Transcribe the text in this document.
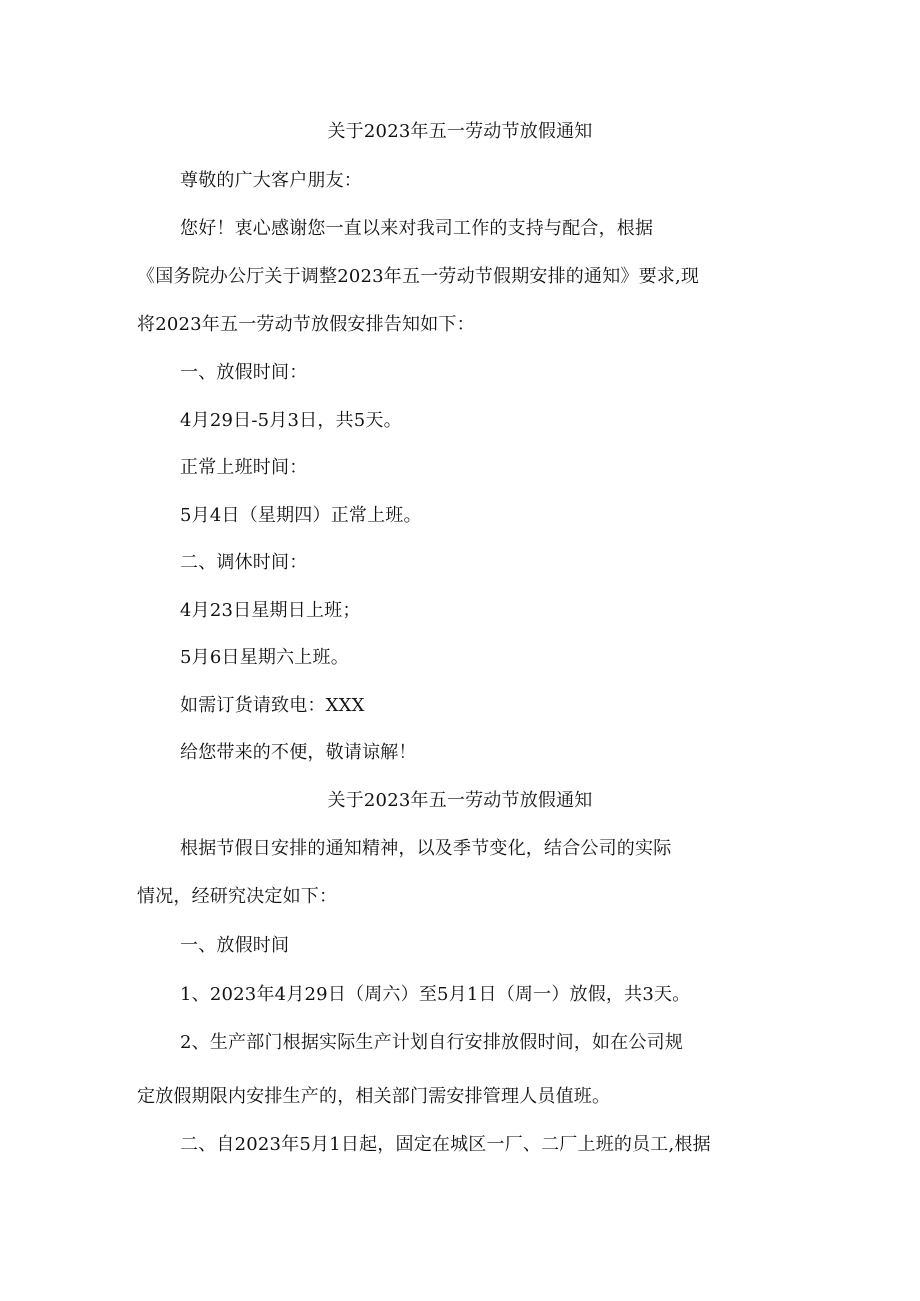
关于2023年五一劳动节放假通知
尊敬的广大客户朋友：
您好！衷心感谢您一直以来对我司工作的支持与配合，根据
《国务院办公厅关于调整2023年五一劳动节假期安排的通知》要求,现
将2023年五一劳动节放假安排告知如下：
一、放假时间：
4月29日-5月3日，共5天。
正常上班时间：
5月4日（星期四）正常上班。
二、调休时间：
4月23日星期日上班；
5月6日星期六上班。
如需订货请致电：XXX
给您带来的不便，敬请谅解！
关于2023年五一劳动节放假通知
根据节假日安排的通知精神，以及季节变化，结合公司的实际
情况，经研究决定如下：
一、放假时间
1、2023年4月29日（周六）至5月1日（周一）放假，共3天。
2、生产部门根据实际生产计划自行安排放假时间，如在公司规
定放假期限内安排生产的，相关部门需安排管理人员值班。
二、自2023年5月1日起，固定在城区一厂、二厂上班的员工,根据
